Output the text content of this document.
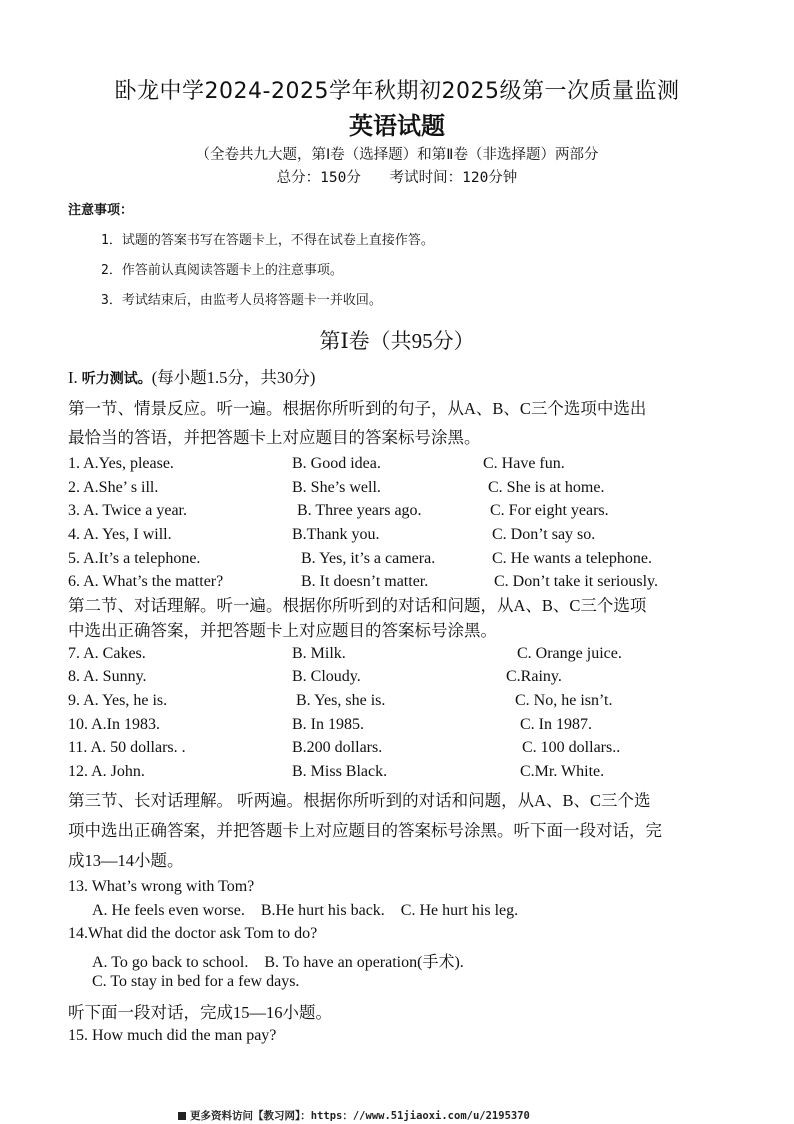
卧龙中学2024-2025学年秋期初2025级第一次质量监测
英语试题
（全卷共九大题，第Ⅰ卷（选择题）和第Ⅱ卷（非选择题）两部分
总分：150分 考试时间：120分钟
注意事项：
1．试题的答案书写在答题卡上，不得在试卷上直接作答。
2．作答前认真阅读答题卡上的注意事项。
3．考试结束后，由监考人员将答题卡一并收回。
第Ⅰ卷（共95分）
I. 听力测试。(每小题1.5分，共30分)
第一节、情景反应。听一遍。根据你所听到的句子，从A、B、C三个选项中选出
最恰当的答语，并把答题卡上对应题目的答案标号涂黑。
1. A.Yes, please.	B. Good idea.	C. Have fun.
2. A.She’ s ill.	B. She’s well.	C. She is at home.
3. A. Twice a year.	B. Three years ago.	C. For eight years.
4. A. Yes, I will.	B.Thank you.	C. Don’t say so.
5. A.It’s a telephone.	B. Yes, it’s a camera.	C. He wants a telephone.
6. A. What’s the matter?	B. It doesn’t matter.	C. Don’t take it seriously.
第二节、对话理解。听一遍。根据你所听到的对话和问题，从A、B、C三个选项
中选出正确答案，并把答题卡上对应题目的答案标号涂黑。
7. A. Cakes.	B. Milk.	C. Orange juice.
8. A. Sunny.	B. Cloudy.	C.Rainy.
9. A. Yes, he is.	B. Yes, she is.	C. No, he isn’t.
10. A.In 1983.	B. In 1985.	C. In 1987.
11. A. 50 dollars. .	B.200 dollars.	C. 100 dollars..
12. A. John.	B. Miss Black.	C.Mr. White.
第三节、长对话理解。 听两遍。根据你所听到的对话和问题，从A、B、C三个选
项中选出正确答案，并把答题卡上对应题目的答案标号涂黑。听下面一段对话，完
成13—14小题。
13. What’s wrong with Tom?
A. He feels even worse.    B.He hurt his back.    C. He hurt his leg.
14.What did the doctor ask Tom to do?
A. To go back to school.    B. To have an operation(手术).
C. To stay in bed for a few days.
听下面一段对话，完成15—16小题。
15. How much did the man pay?
更多资料访问【教习网】：https：//www.51jiaoxi.com/u/2195370
